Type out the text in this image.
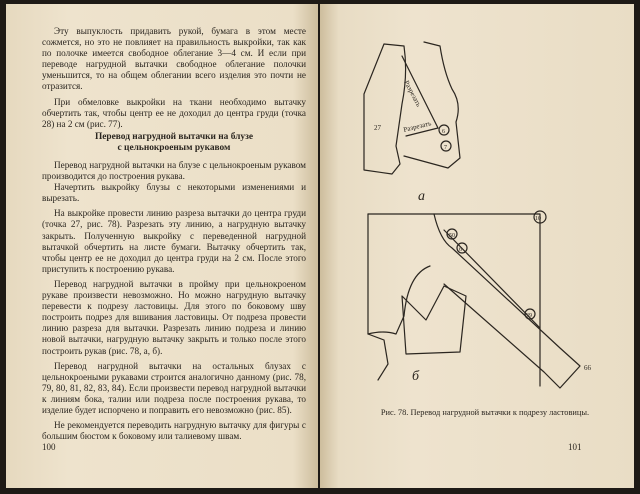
Эту выпуклость придавить рукой, бумага в этом месте сожмется, но это не повлияет на правильность выкройки, так как по полочке имеется свободное облегание 3—4 см. И если при переводе нагрудной вытачки свободное облегание полочки уменьшится, то на общем облегании всего изделия это почти не отразится.

При обмеловке выкройки на ткани необходимо вытачку обчертить так, чтобы центр ее не доходил до центра груди (точка 28) на 2 см (рис. 77).

Перевод нагрудной вытачки на блузе
с цельнокроеным рукавом

Перевод нагрудной вытачки на блузе с цельнокроеным рукавом производится до построения рукава.

Начертить выкройку блузы с некоторыми изменениями и вырезать.

На выкройке провести линию разреза вытачки до центра груди (точка 27, рис. 78). Разрезать эту линию, а нагрудную вытачку закрыть. Полученную выкройку с переведенной нагрудной вытачкой обчертить на листе бумаги. Вытачку обчертить так, чтобы центр ее не доходил до центра груди на 2 см. После этого приступить к построению рукава.

Перевод нагрудной вытачки в пройму при цельнокроеном рукаве произвести невозможно. Но можно нагрудную вытачку перевести к подрезу ластовицы. Для этого по боковому шву построить подрез для вшивания ластовицы. От подреза провести линию разреза для вытачки. Разрезать линию подреза и линию новой вытачки, нагрудную вытачку закрыть и только после этого построить рукав (рис. 78, а, б).

Перевод нагрудной вытачки на остальных блузах с цельнокроеными рукавами строится аналогично данному (рис. 78, 79, 80, 81, 82, 83, 84). Если произвести перевод нагрудной вытачки к линиям бока, талии или подреза после построения рукава, то изделие будет испорчено и поправить его невозможно (рис. 85).

Не рекомендуется переводить нагрудную вытачку для фигуры с большим бюстом к боковому или талиевому швам.

100
Разрезать
Разрезать
27	6
7
а
10
50
6
39
66
б
Рис. 78. Перевод нагрудной вытачки к подрезу ластовицы.
101
